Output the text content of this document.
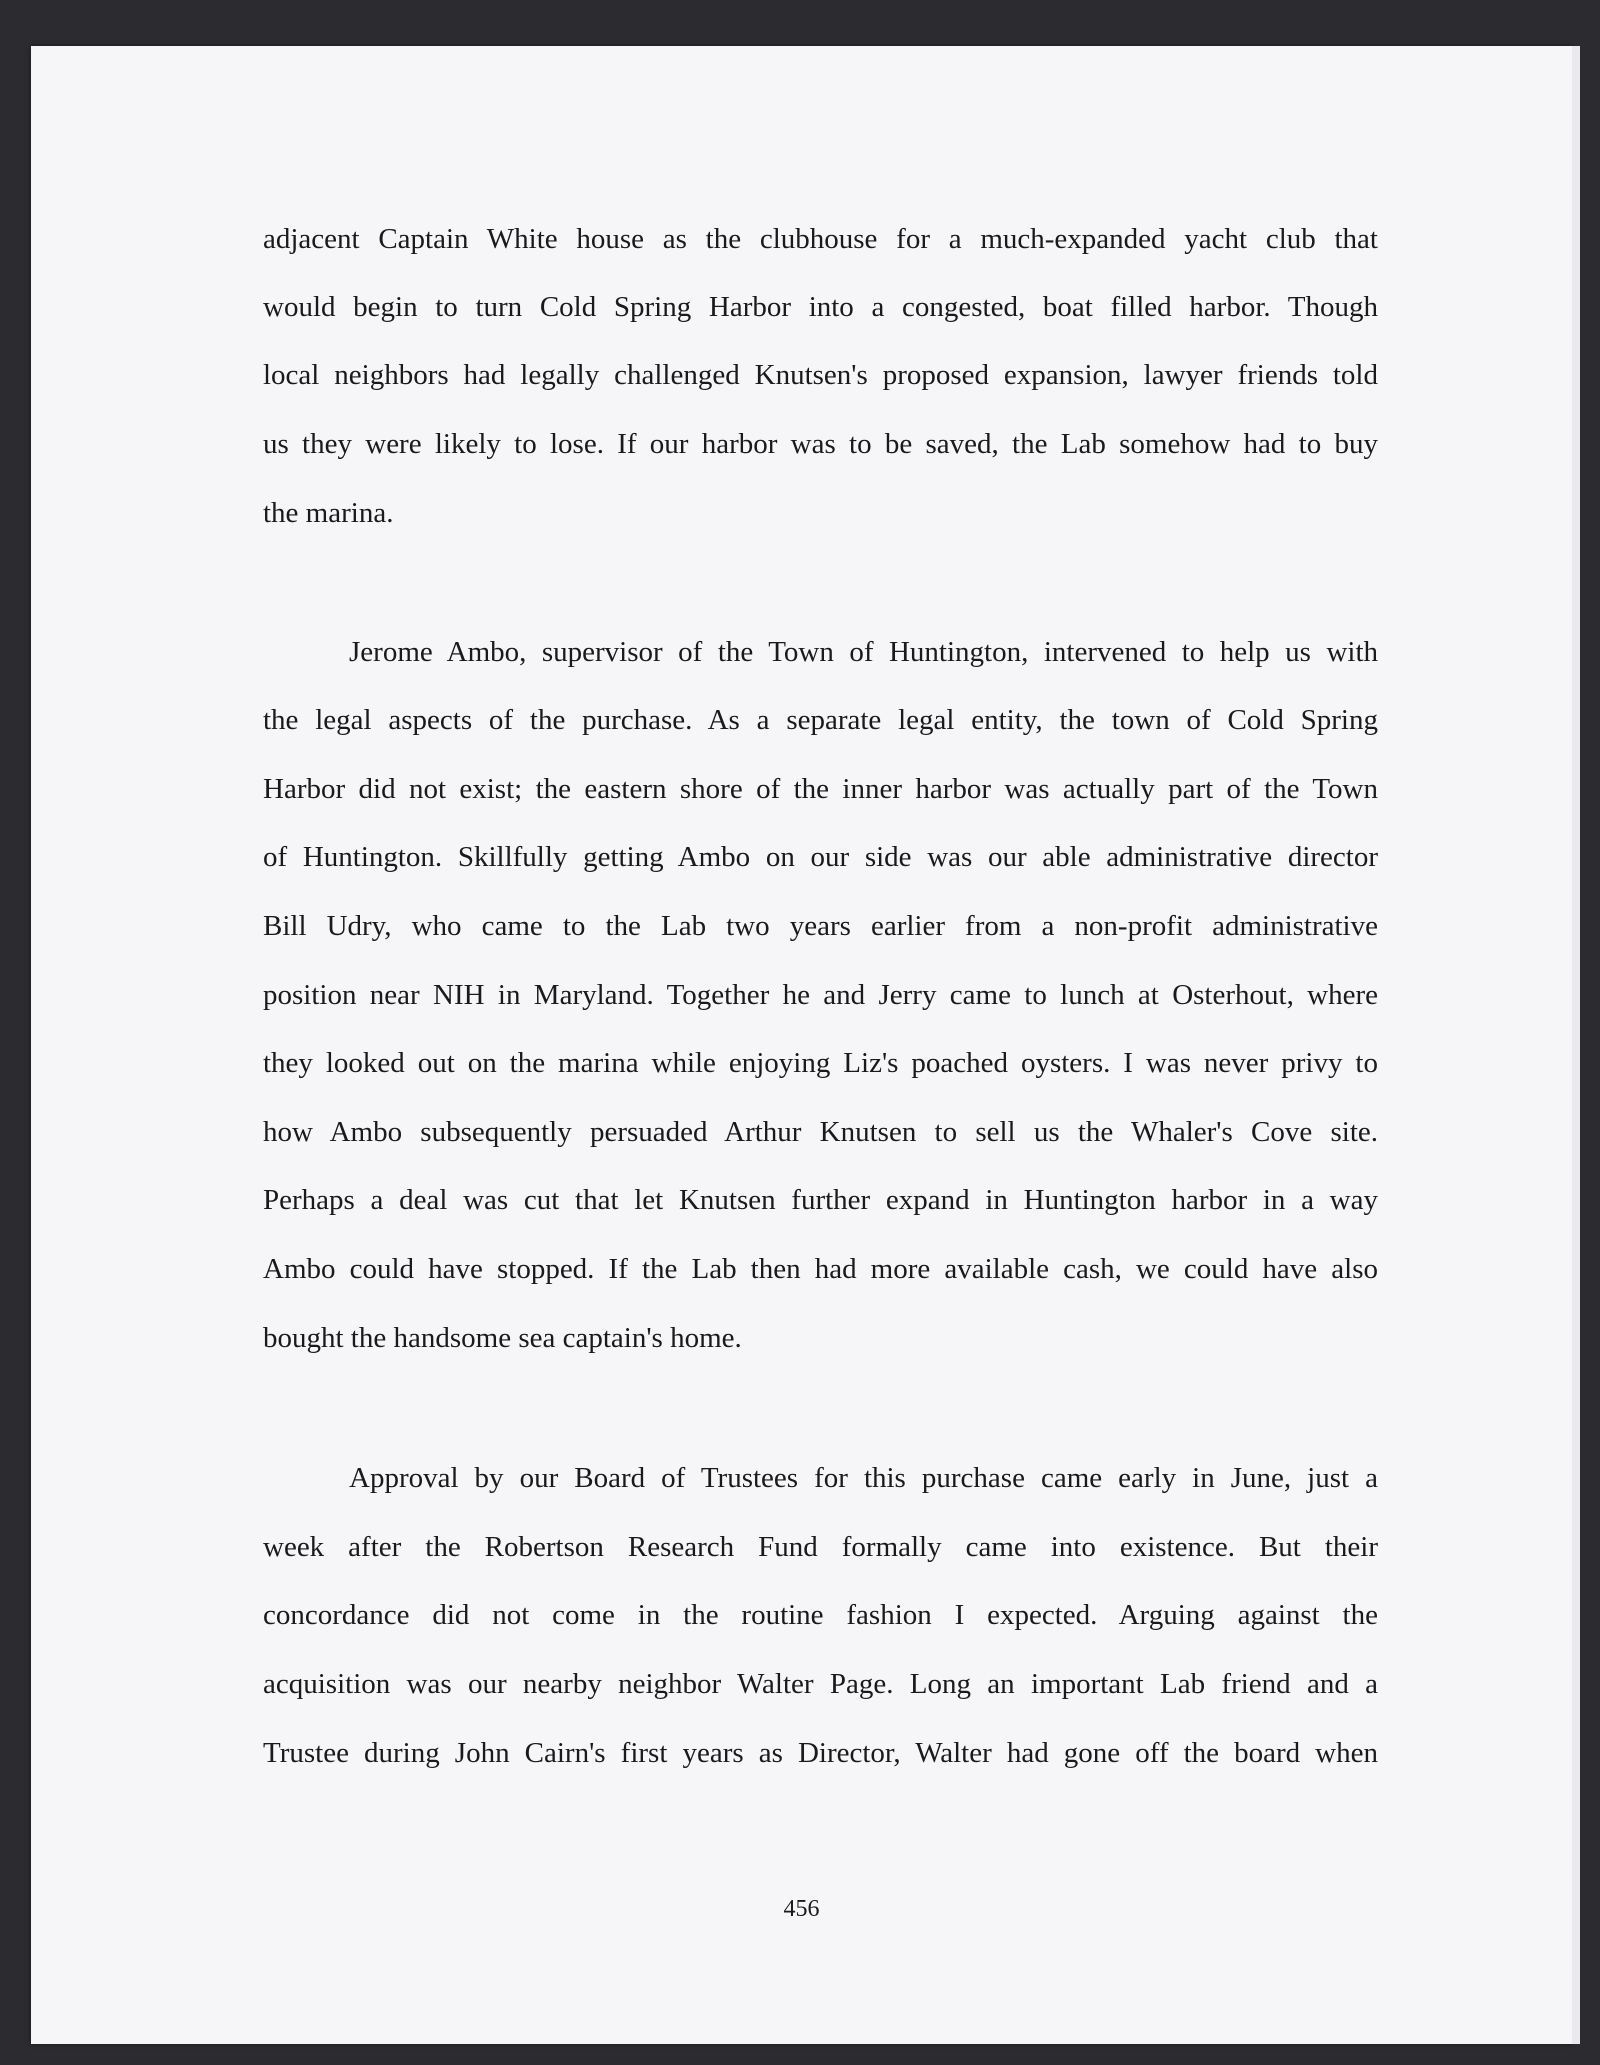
adjacent Captain White house as the clubhouse for a much-expanded yacht club that
would begin to turn Cold Spring Harbor into a congested, boat filled harbor. Though
local neighbors had legally challenged Knutsen's proposed expansion, lawyer friends told
us they were likely to lose. If our harbor was to be saved, the Lab somehow had to buy
the marina.
Jerome Ambo, supervisor of the Town of Huntington, intervened to help us with
the legal aspects of the purchase. As a separate legal entity, the town of Cold Spring
Harbor did not exist; the eastern shore of the inner harbor was actually part of the Town
of Huntington. Skillfully getting Ambo on our side was our able administrative director
Bill Udry, who came to the Lab two years earlier from a non-profit administrative
position near NIH in Maryland. Together he and Jerry came to lunch at Osterhout, where
they looked out on the marina while enjoying Liz's poached oysters. I was never privy to
how Ambo subsequently persuaded Arthur Knutsen to sell us the Whaler's Cove site.
Perhaps a deal was cut that let Knutsen further expand in Huntington harbor in a way
Ambo could have stopped. If the Lab then had more available cash, we could have also
bought the handsome sea captain's home.
Approval by our Board of Trustees for this purchase came early in June, just a
week after the Robertson Research Fund formally came into existence. But their
concordance did not come in the routine fashion I expected. Arguing against the
acquisition was our nearby neighbor Walter Page. Long an important Lab friend and a
Trustee during John Cairn's first years as Director, Walter had gone off the board when
456
